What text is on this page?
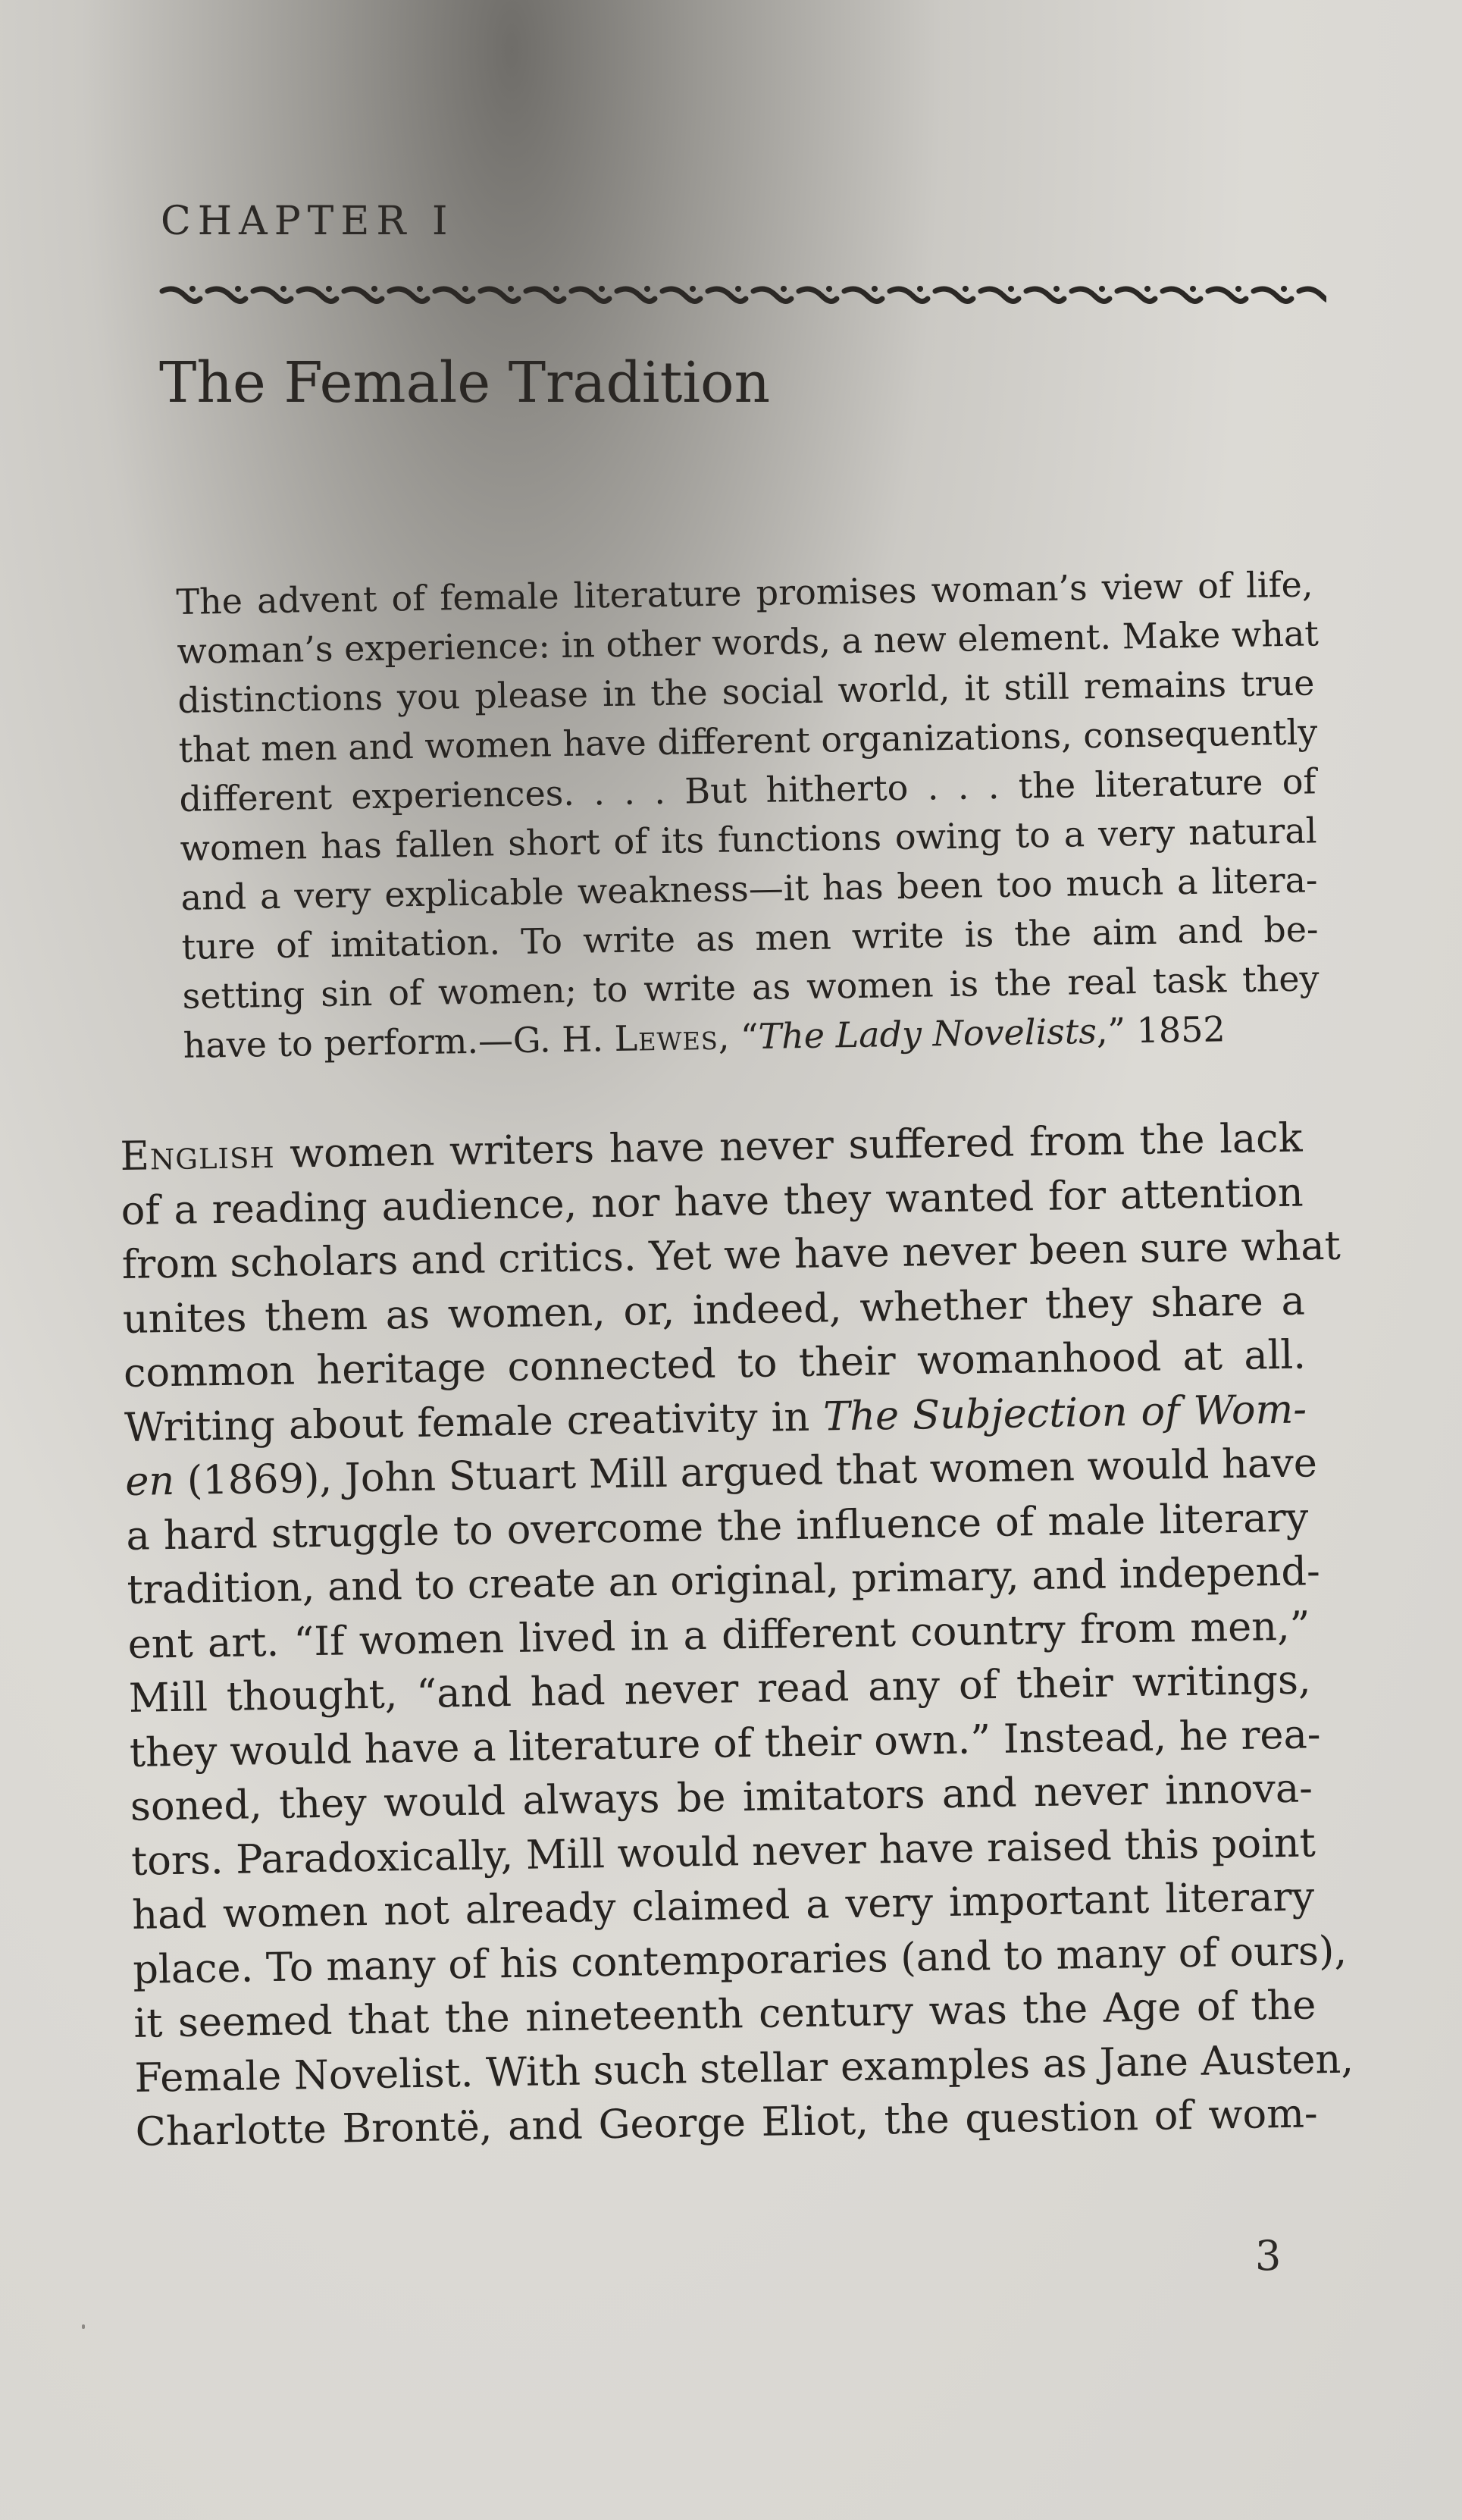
CHAPTER I
The Female Tradition
The advent of female literature promises woman’s view of life,
woman’s experience: in other words, a new element. Make what
distinctions you please in the social world, it still remains true
that men and women have different organizations, consequently
different experiences. . . . But hitherto . . . the literature of
women has fallen short of its functions owing to a very natural
and a very explicable weakness—it has been too much a litera-
ture of imitation. To write as men write is the aim and be-
setting sin of women; to write as women is the real task they
have to perform.—G. H. Lewes, “The Lady Novelists,” 1852
English women writers have never suffered from the lack
of a reading audience, nor have they wanted for attention
from scholars and critics. Yet we have never been sure what
unites them as women, or, indeed, whether they share a
common heritage connected to their womanhood at all.
Writing about female creativity in The Subjection of Wom-
en (1869), John Stuart Mill argued that women would have
a hard struggle to overcome the influence of male literary
tradition, and to create an original, primary, and independ-
ent art. “If women lived in a different country from men,”
Mill thought, “and had never read any of their writings,
they would have a literature of their own.” Instead, he rea-
soned, they would always be imitators and never innova-
tors. Paradoxically, Mill would never have raised this point
had women not already claimed a very important literary
place. To many of his contemporaries (and to many of ours),
it seemed that the nineteenth century was the Age of the
Female Novelist. With such stellar examples as Jane Austen,
Charlotte Brontë, and George Eliot, the question of wom-
3
